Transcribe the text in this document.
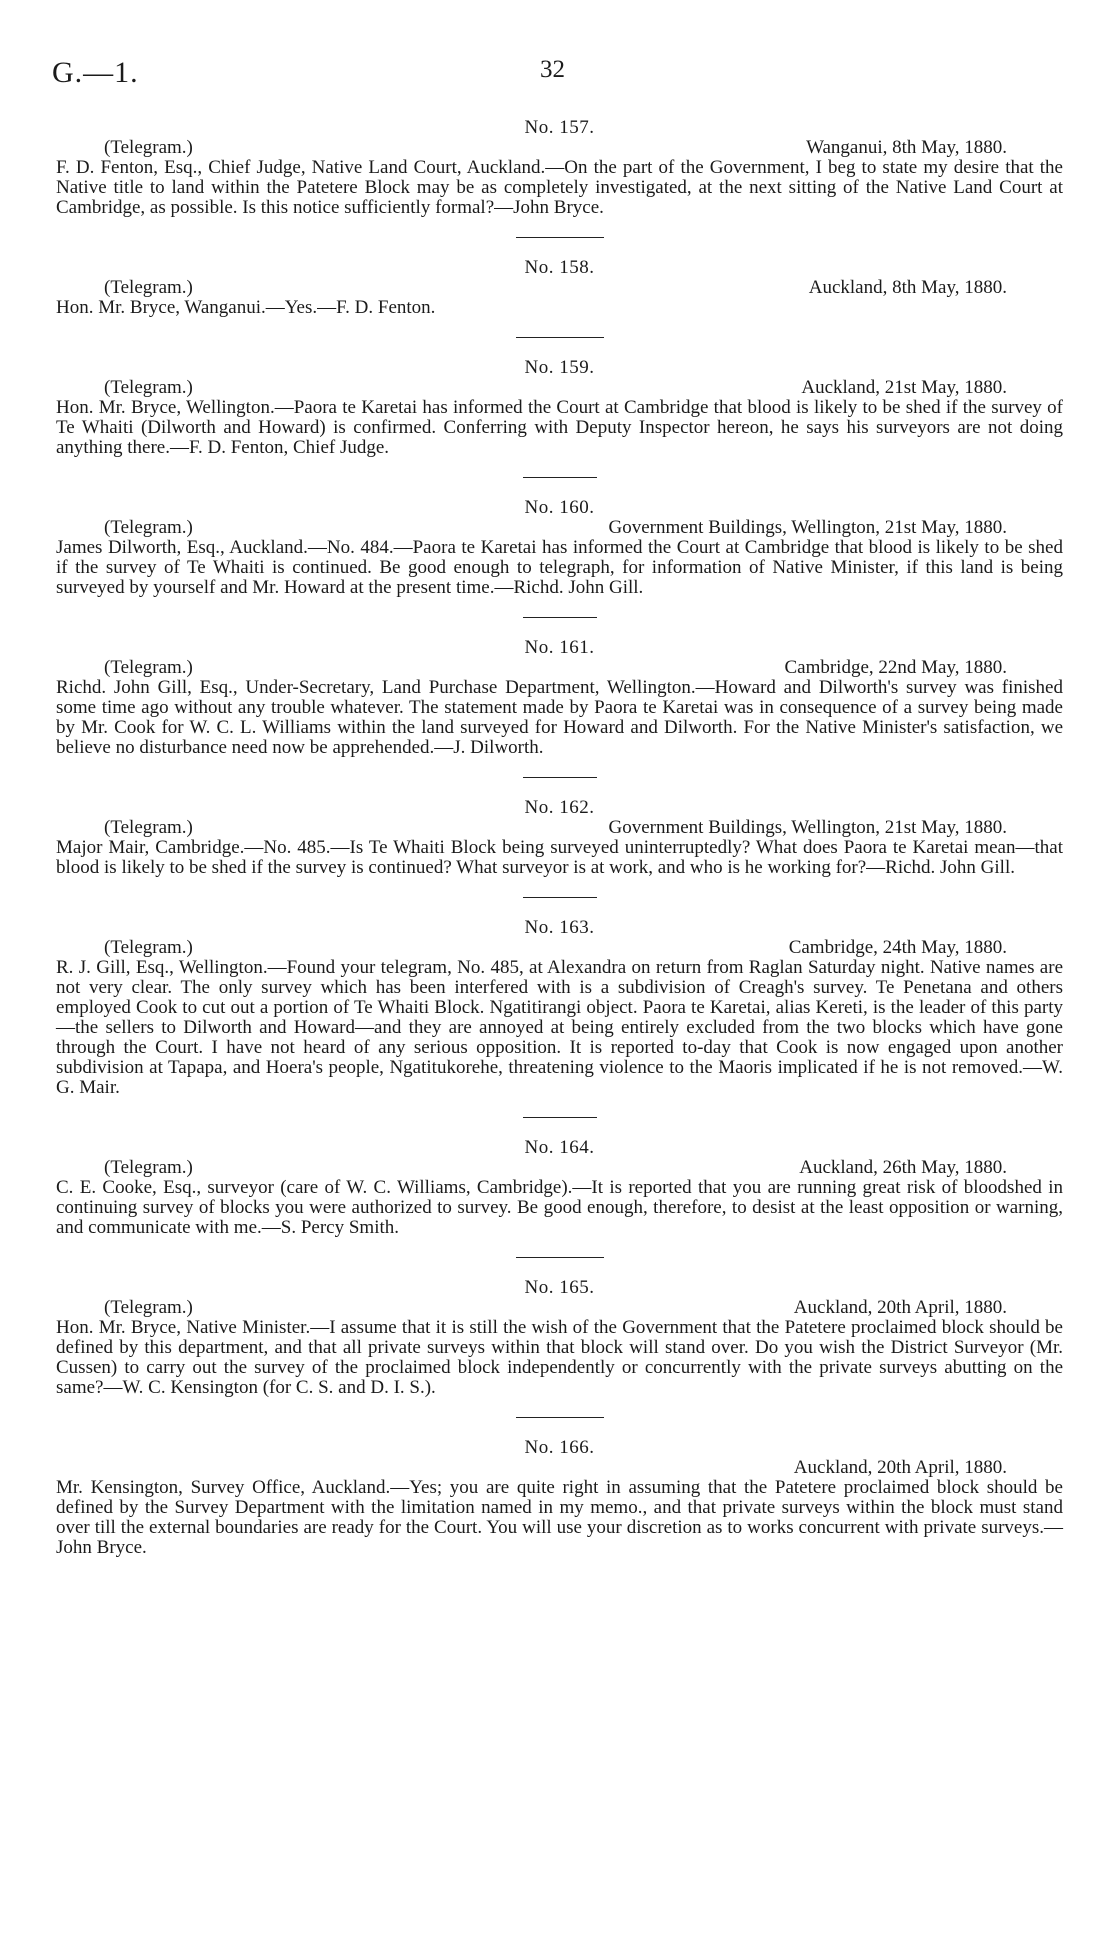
G.—1.	32

No. 157.

(Telegram.)	Wanganui, 8th May, 1880.

F. D. Fenton, Esq., Chief Judge, Native Land Court, Auckland.—On the part of the Government, I beg to state my desire that the Native title to land within the Patetere Block may be as completely investigated, at the next sitting of the Native Land Court at Cambridge, as possible. Is this notice sufficiently formal?—John Bryce.

No. 158.

(Telegram.)	Auckland, 8th May, 1880.

Hon. Mr. Bryce, Wanganui.—Yes.—F. D. Fenton.

No. 159.

(Telegram.)	Auckland, 21st May, 1880.

Hon. Mr. Bryce, Wellington.—Paora te Karetai has informed the Court at Cambridge that blood is likely to be shed if the survey of Te Whaiti (Dilworth and Howard) is confirmed. Conferring with Deputy Inspector hereon, he says his surveyors are not doing anything there.—F. D. Fenton, Chief Judge.

No. 160.

(Telegram.)	Government Buildings, Wellington, 21st May, 1880.

James Dilworth, Esq., Auckland.—No. 484.—Paora te Karetai has informed the Court at Cambridge that blood is likely to be shed if the survey of Te Whaiti is continued. Be good enough to telegraph, for information of Native Minister, if this land is being surveyed by yourself and Mr. Howard at the present time.—Richd. John Gill.

No. 161.

(Telegram.)	Cambridge, 22nd May, 1880.

Richd. John Gill, Esq., Under-Secretary, Land Purchase Department, Wellington.—Howard and Dilworth's survey was finished some time ago without any trouble whatever. The statement made by Paora te Karetai was in consequence of a survey being made by Mr. Cook for W. C. L. Williams within the land surveyed for Howard and Dilworth. For the Native Minister's satisfaction, we believe no disturbance need now be apprehended.—J. Dilworth.

No. 162.

(Telegram.)	Government Buildings, Wellington, 21st May, 1880.

Major Mair, Cambridge.—No. 485.—Is Te Whaiti Block being surveyed uninterruptedly? What does Paora te Karetai mean—that blood is likely to be shed if the survey is continued? What surveyor is at work, and who is he working for?—Richd. John Gill.

No. 163.

(Telegram.)	Cambridge, 24th May, 1880.

R. J. Gill, Esq., Wellington.—Found your telegram, No. 485, at Alexandra on return from Raglan Saturday night. Native names are not very clear. The only survey which has been interfered with is a subdivision of Creagh's survey. Te Penetana and others employed Cook to cut out a portion of Te Whaiti Block. Ngatitirangi object. Paora te Karetai, alias Kereti, is the leader of this party—the sellers to Dilworth and Howard—and they are annoyed at being entirely excluded from the two blocks which have gone through the Court. I have not heard of any serious opposition. It is reported to-day that Cook is now engaged upon another subdivision at Tapapa, and Hoera's people, Ngatitukorehe, threatening violence to the Maoris implicated if he is not removed.—W. G. Mair.

No. 164.

(Telegram.)	Auckland, 26th May, 1880.

C. E. Cooke, Esq., surveyor (care of W. C. Williams, Cambridge).—It is reported that you are running great risk of bloodshed in continuing survey of blocks you were authorized to survey. Be good enough, therefore, to desist at the least opposition or warning, and communicate with me.—S. Percy Smith.

No. 165.

(Telegram.)	Auckland, 20th April, 1880.

Hon. Mr. Bryce, Native Minister.—I assume that it is still the wish of the Government that the Patetere proclaimed block should be defined by this department, and that all private surveys within that block will stand over. Do you wish the District Surveyor (Mr. Cussen) to carry out the survey of the proclaimed block independently or concurrently with the private surveys abutting on the same?—W. C. Kensington (for C. S. and D. I. S.).

No. 166.

Auckland, 20th April, 1880.

Mr. Kensington, Survey Office, Auckland.—Yes; you are quite right in assuming that the Patetere proclaimed block should be defined by the Survey Department with the limitation named in my memo., and that private surveys within the block must stand over till the external boundaries are ready for the Court. You will use your discretion as to works concurrent with private surveys.—John Bryce.
